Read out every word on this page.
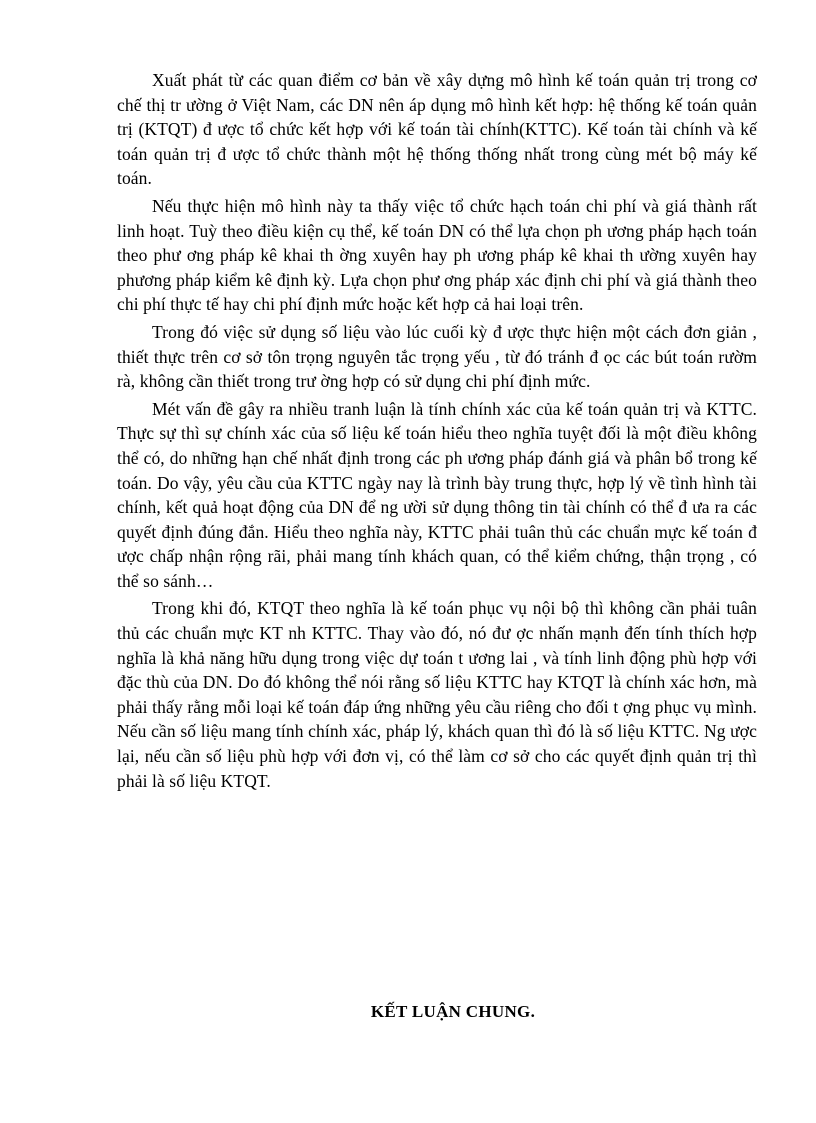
Xuất phát từ các quan điểm cơ bản về xây dựng mô hình kế toán quản trị trong cơ chế thị tr ường ở Việt Nam, các DN nên áp dụng mô hình kết hợp: hệ thống kế toán quản trị (KTQT) đ ược tổ chức kết hợp với kế toán tài chính(KTTC). Kế toán tài chính và kế toán quản trị đ ược tổ chức thành một hệ thống thống nhất trong cùng mét bộ máy kế toán.

Nếu thực hiện mô hình này ta thấy việc tổ chức hạch toán chi phí và giá thành rất linh hoạt. Tuỳ theo điều kiện cụ thể, kế toán DN có thể lựa chọn ph ương pháp hạch toán theo phư ơng pháp kê khai th ờng xuyên hay ph ương pháp kê khai th ường xuyên hay phương pháp kiểm kê định kỳ. Lựa chọn phư ơng pháp xác định chi phí và giá thành theo chi phí thực tế hay chi phí định mức hoặc kết hợp cả hai loại trên.

Trong đó việc sử dụng số liệu vào lúc cuối kỳ đ ược thực hiện một cách đơn giản , thiết thực trên cơ sở tôn trọng nguyên tắc trọng yếu , từ đó tránh đ ọc các bút toán rườm rà, không cần thiết trong trư ờng hợp có sử dụng chi phí định mức.

Mét vấn đề gây ra nhiều tranh luận là tính chính xác của kế toán quản trị và KTTC. Thực sự thì sự chính xác của số liệu kế toán hiểu theo nghĩa tuyệt đối là một điều không thể có, do những hạn chế nhất định trong các ph ương pháp đánh giá và phân bổ trong kế toán. Do vậy, yêu cầu của KTTC ngày nay là trình bày trung thực, hợp lý về tình hình tài chính, kết quả hoạt động của DN để ng ười sử dụng thông tin tài chính có thể đ ưa ra các quyết định đúng đắn. Hiểu theo nghĩa này, KTTC phải tuân thủ các chuẩn mực kế toán đ ược chấp nhận rộng rãi, phải mang tính khách quan, có thể kiểm chứng, thận trọng , có thể so sánh…

Trong khi đó, KTQT theo nghĩa là kế toán phục vụ nội bộ thì không cần phải tuân thủ các chuẩn mực KT nh KTTC. Thay vào đó, nó đư ợc nhấn mạnh đến tính thích hợp nghĩa là khả năng hữu dụng trong việc dự toán t ương lai , và tính linh động phù hợp với đặc thù của DN. Do đó không thể nói rằng số liệu KTTC hay KTQT là chính xác hơn, mà phải thấy rằng mỗi loại kế toán đáp ứng những yêu cầu riêng cho đối t ợng phục vụ mình. Nếu cần số liệu mang tính chính xác, pháp lý, khách quan thì đó là số liệu KTTC. Ng ược lại, nếu cần số liệu phù hợp với đơn vị, có thể làm cơ sở cho các quyết định quản trị thì phải là số liệu KTQT.

KẾT LUẬN CHUNG.
